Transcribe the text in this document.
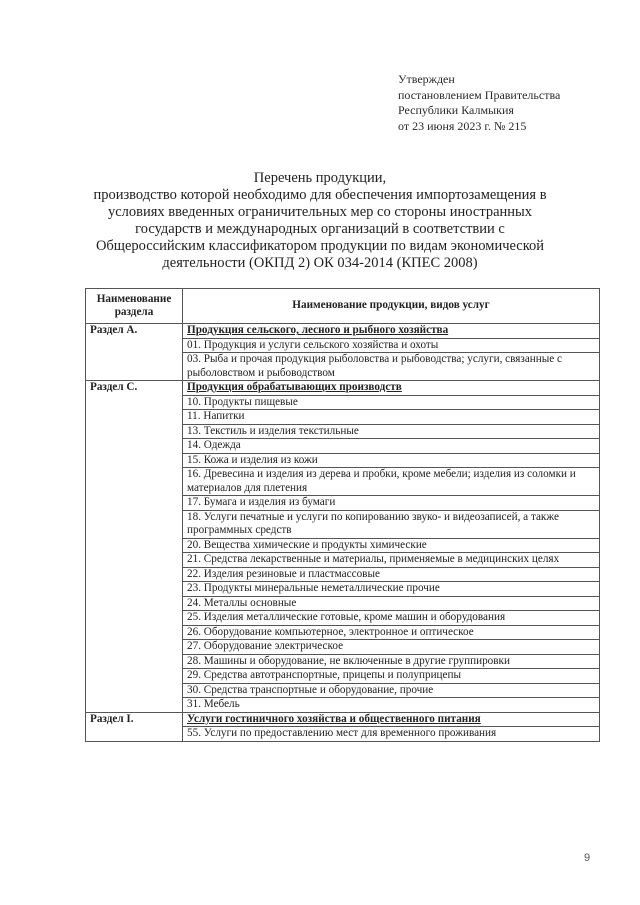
Утвержден
постановлением Правительства
Республики Калмыкия
от 23 июня 2023 г. № 215
Перечень продукции,
производство которой необходимо для обеспечения импортозамещения в
условиях введенных ограничительных мер со стороны иностранных
государств и международных организаций в соответствии с
Общероссийским классификатором продукции по видам экономической
деятельности (ОКПД 2) ОК 034-2014 (КПЕС 2008)
Наименование раздела	Наименование продукции, видов услуг
Раздел А.	Продукция сельского, лесного и рыбного хозяйства
	01. Продукция и услуги сельского хозяйства и охоты
	03. Рыба и прочая продукция рыболовства и рыбоводства; услуги, связанные с рыболовством и рыбоводством
Раздел С.	Продукция обрабатывающих производств
	10. Продукты пищевые
	11. Напитки
	13. Текстиль и изделия текстильные
	14. Одежда
	15. Кожа и изделия из кожи
	16. Древесина и изделия из дерева и пробки, кроме мебели; изделия из соломки и материалов для плетения
	17. Бумага и изделия из бумаги
	18. Услуги печатные и услуги по копированию звуко- и видеозаписей, а также программных средств
	20. Вещества химические и продукты химические
	21. Средства лекарственные и материалы, применяемые в медицинских целях
	22. Изделия резиновые и пластмассовые
	23. Продукты минеральные неметаллические прочие
	24. Металлы основные
	25. Изделия металлические готовые, кроме машин и оборудования
	26. Оборудование компьютерное, электронное и оптическое
	27. Оборудование электрическое
	28. Машины и оборудование, не включенные в другие группировки
	29. Средства автотранспортные, прицепы и полуприцепы
	30. Средства транспортные и оборудование, прочие
	31. Мебель
Раздел I.	Услуги гостиничного хозяйства и общественного питания
	55. Услуги по предоставлению мест для временного проживания
9
